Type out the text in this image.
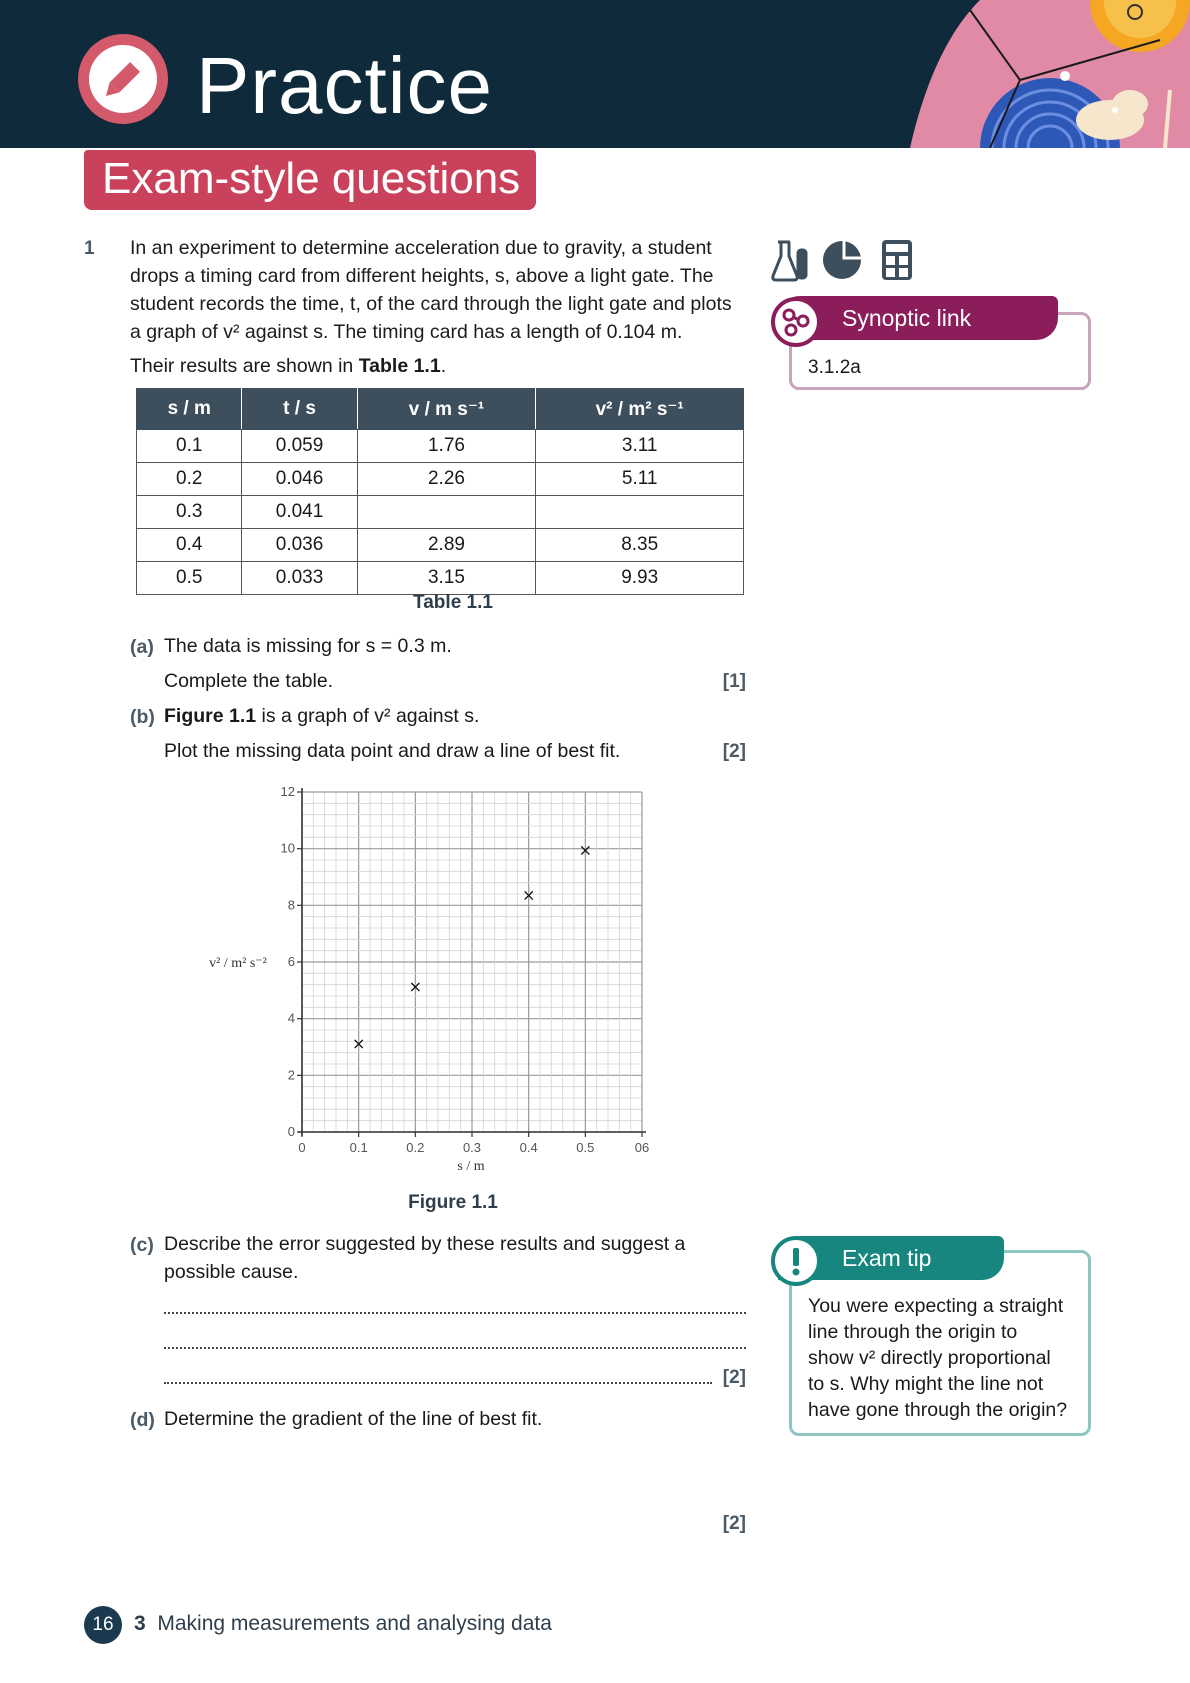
Practice
Exam-style questions
1 In an experiment to determine acceleration due to gravity, a student
drops a timing card from different heights, s, above a light gate. The
student records the time, t, of the card through the light gate and plots
a graph of v² against s. The timing card has a length of 0.104 m.
Their results are shown in Table 1.1.
s / m	t / s	v / m s⁻¹	v² / m² s⁻¹
0.1	0.059	1.76	3.11
0.2	0.046	2.26	5.11
0.3	0.041		
0.4	0.036	2.89	8.35
0.5	0.033	3.15	9.93
Table 1.1
(a) The data is missing for s = 0.3 m.
Complete the table.	[1]
(b) Figure 1.1 is a graph of v² against s.
Plot the missing data point and draw a line of best fit.	[2]
0	0.1	0.2	0.3	0.4	0.5	06
0
2
4
6
8
10
12
×
×
×
×
v² / m² s⁻²
s / m
Figure 1.1
(c) Describe the error suggested by these results and suggest a
possible cause.
[2]
(d) Determine the gradient of the line of best fit.
[2]
3.1.2a
Synoptic link
You were expecting a straight
line through the origin to
show v² directly proportional
to s. Why might the line not
have gone through the origin?
Exam tip
16 3 Making measurements and analysing data
